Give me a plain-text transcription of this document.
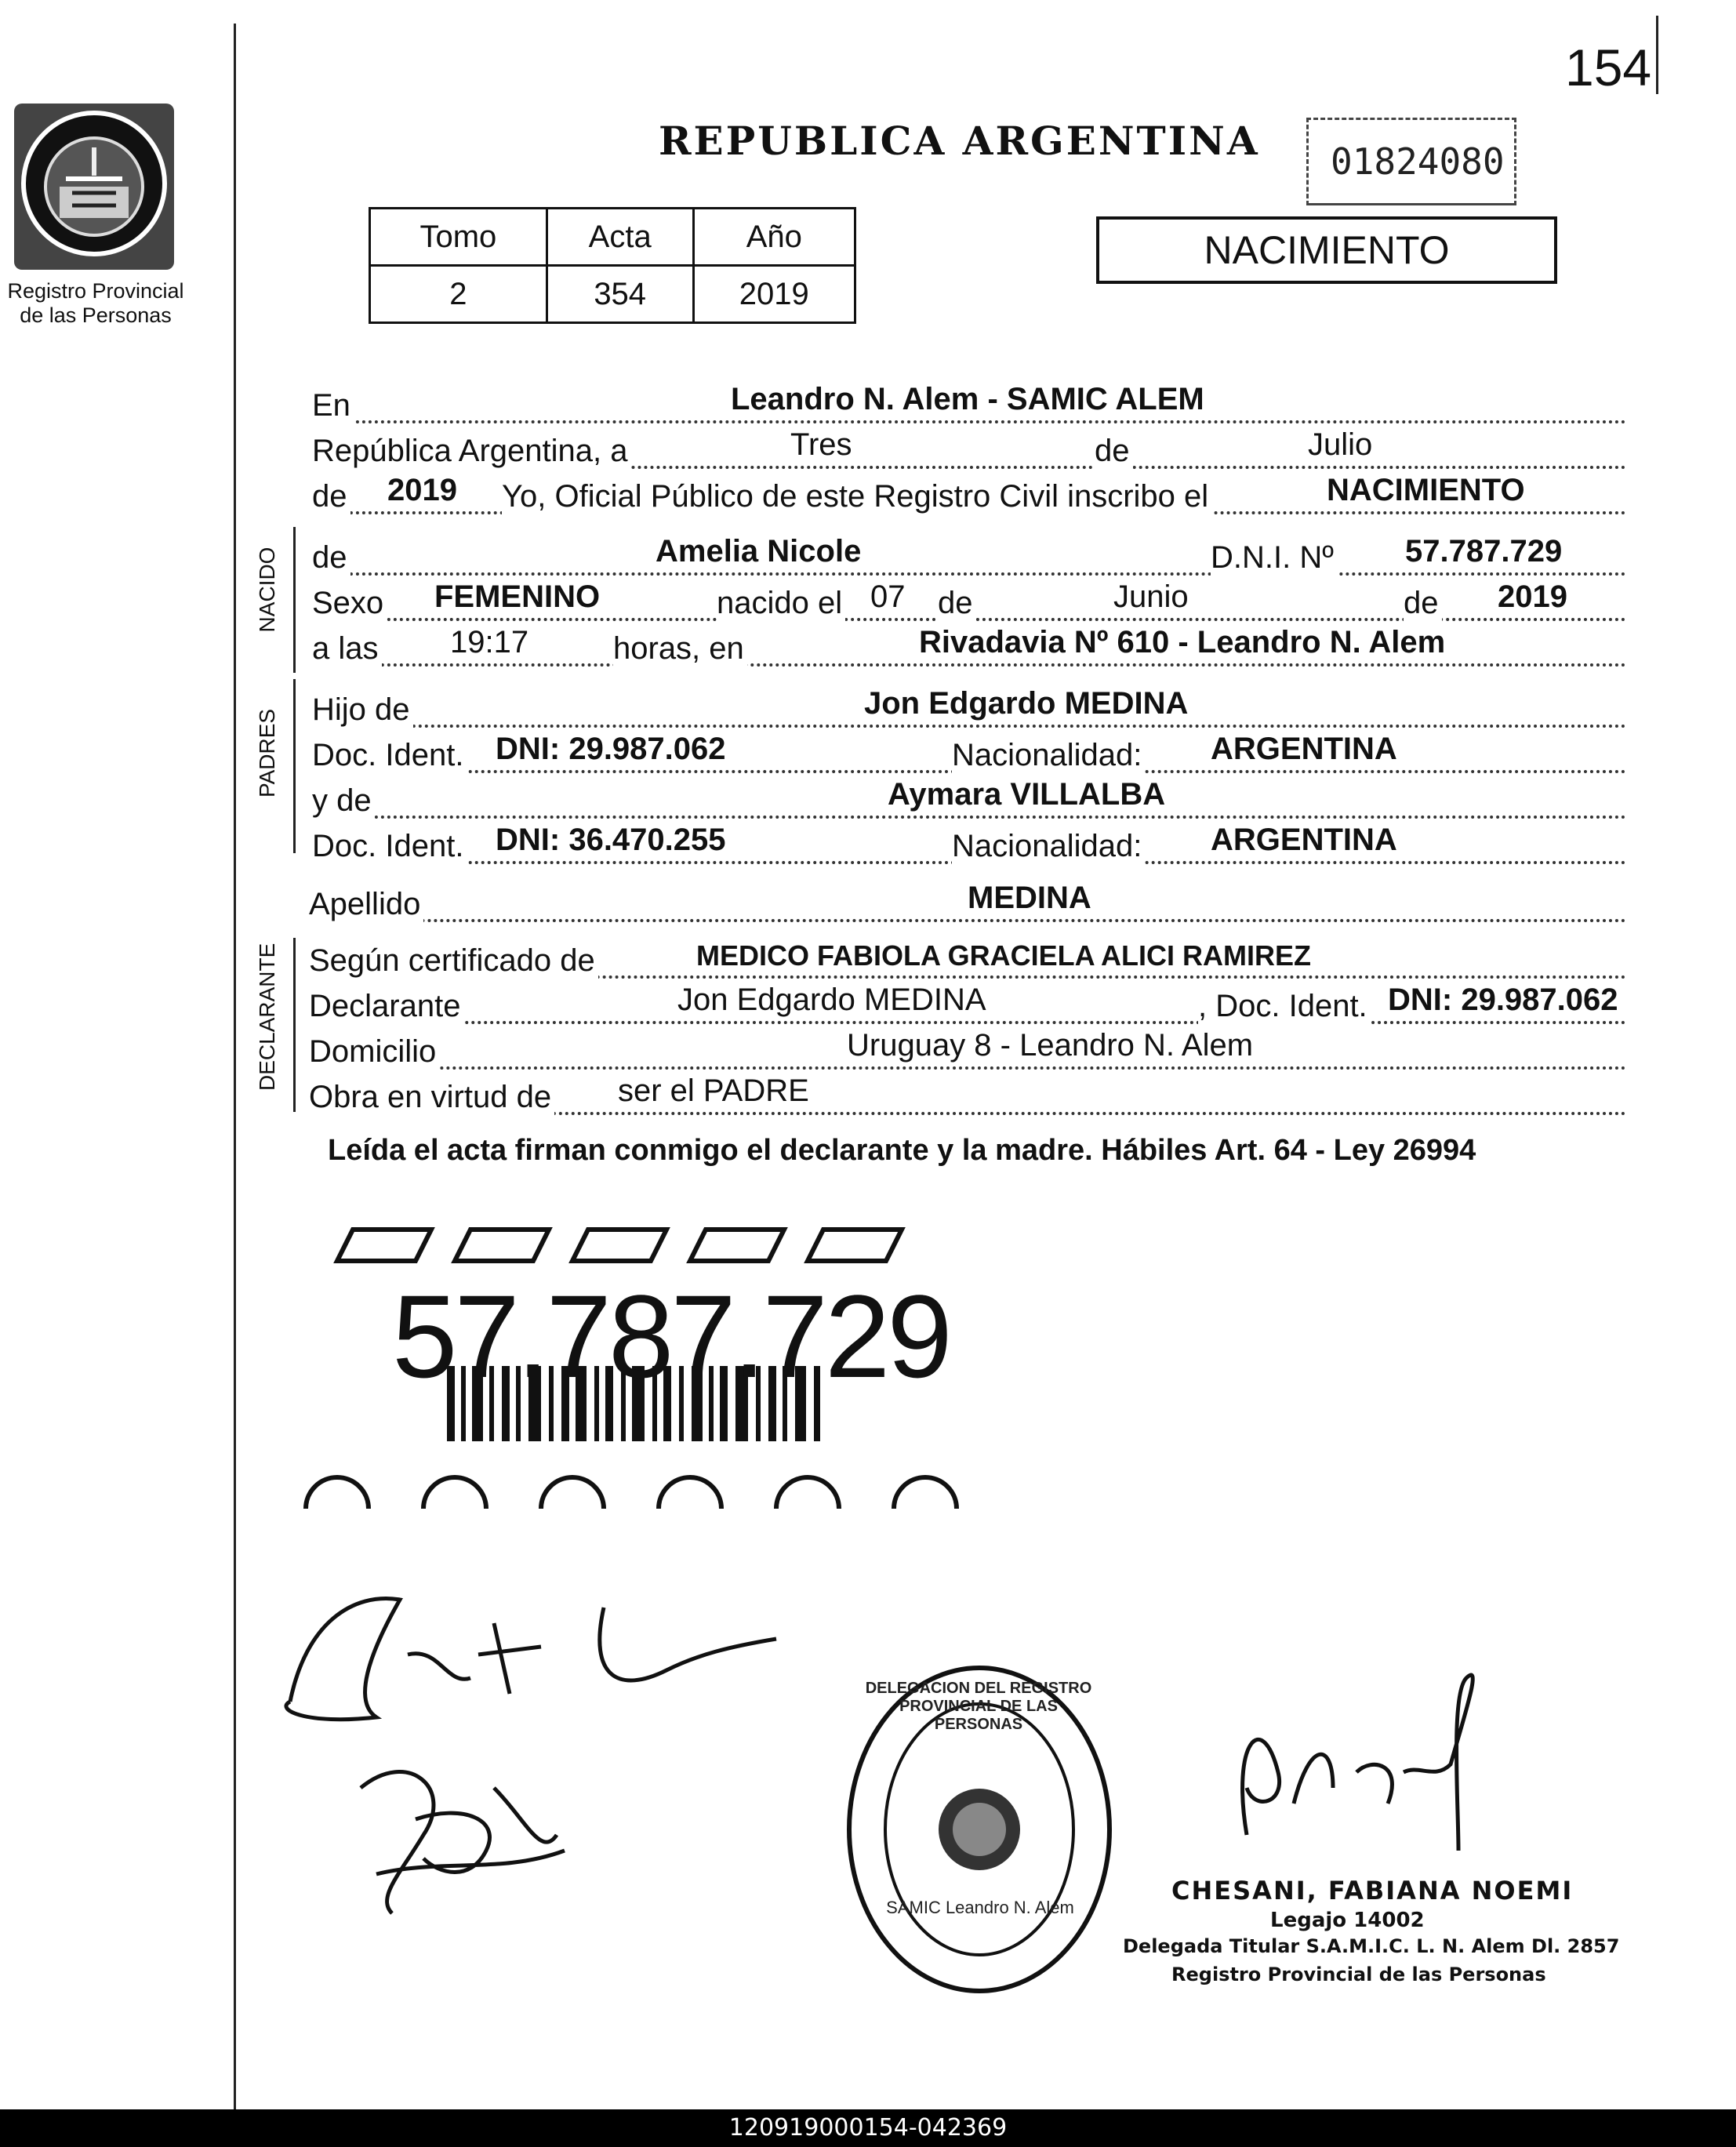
Registro Provincial
de las Personas
154
REPUBLICA ARGENTINA 01824080
Tomo	Acta	Año
2	354	2019
NACIMIENTO
En	Leandro N. Alem - SAMIC ALEM
República Argentina, a	Tres	de	Julio
de 2019 Yo, Oficial Público de este Registro Civil inscribo el	NACIMIENTO
NACIDO de	Amelia Nicole	D.N.I. Nº 57.787.729
Sexo FEMENINO	nacido el 07 de	Junio	de 2019
a las 19:17	horas, en	Rivadavia Nº 610 - Leandro N. Alem
PADRES Hijo de	Jon Edgardo MEDINA
Doc. Ident. DNI: 29.987.062	Nacionalidad: ARGENTINA
y de	Aymara VILLALBA
Doc. Ident. DNI: 36.470.255	Nacionalidad: ARGENTINA
Apellido	MEDINA
DECLARANTE Según certificado de	MEDICO FABIOLA GRACIELA ALICI RAMIREZ
Declarante	Jon Edgardo MEDINA	, Doc. Ident. DNI: 29.987.062
Domicilio	Uruguay 8 - Leandro N. Alem
Obra en virtud de ser el PADRE
Leída el acta firman conmigo el declarante y la madre. Hábiles Art. 64 - Ley 26994
57.787.729
DELEGACION DEL REGISTRO PROVINCIAL DE LAS PERSONAS
SAMIC Leandro N. Alem
CHESANI, FABIANA NOEMI
Legajo 14002
Delegada Titular S.A.M.I.C. L. N. Alem Dl. 2857
Registro Provincial de las Personas
120919000154-042369
